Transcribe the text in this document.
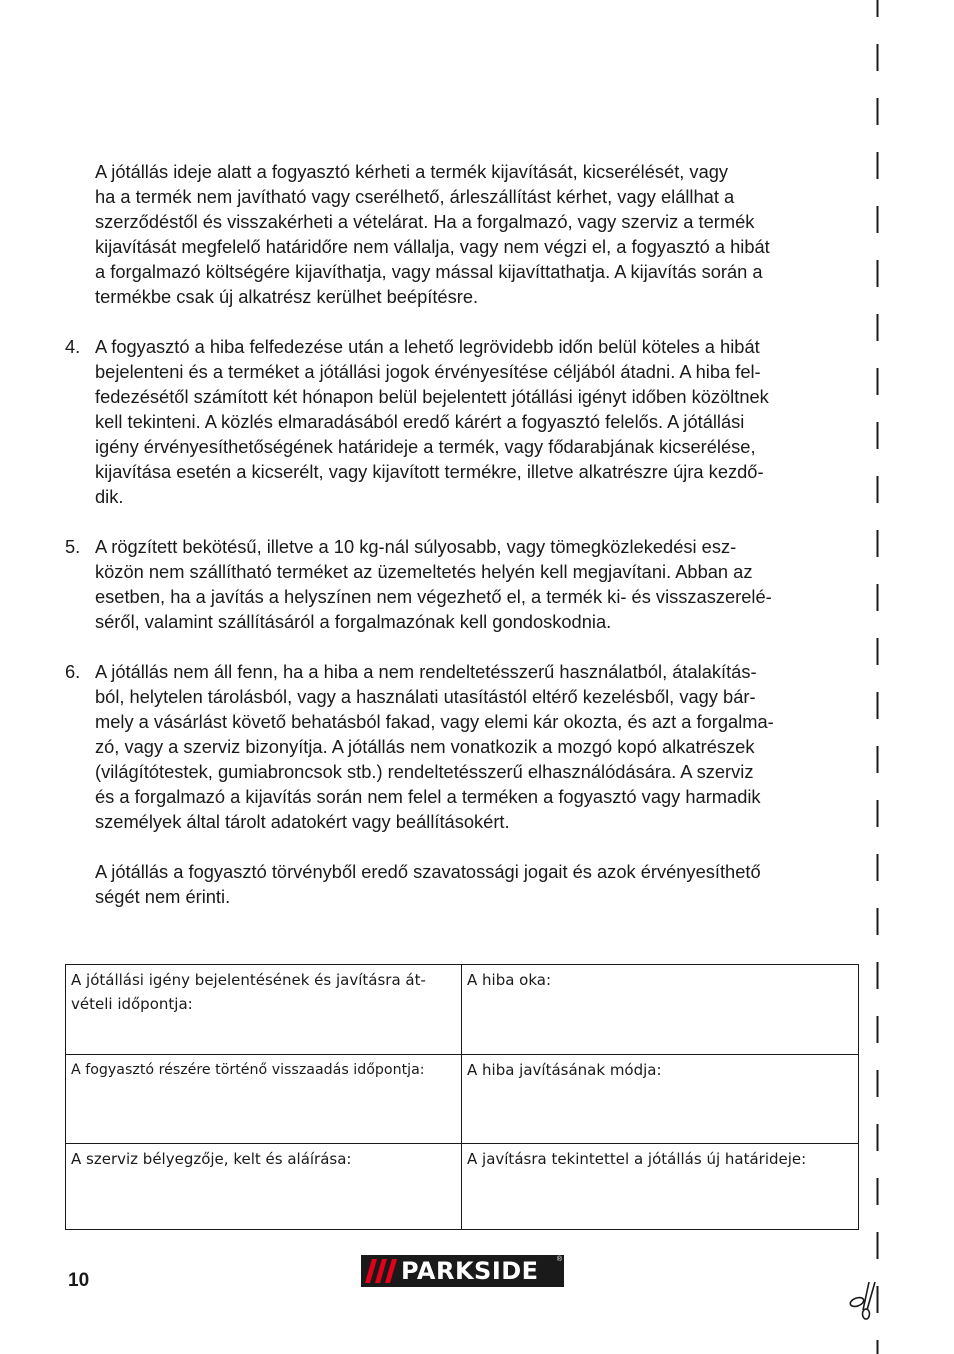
A jótállás ideje alatt a fogyasztó kérheti a termék kijavítását, kicserélését, vagy
ha a termék nem javítható vagy cserélhető, árleszállítást kérhet, vagy elállhat a
szerződéstől és visszakérheti a vételárat. Ha a forgalmazó, vagy szerviz a termék
kijavítását megfelelő határidőre nem vállalja, vagy nem végzi el, a fogyasztó a hibát
a forgalmazó költségére kijavíthatja, vagy mással kijavíttathatja. A kijavítás során a
termékbe csak új alkatrész kerülhet beépítésre.
4. A fogyasztó a hiba felfedezése után a lehető legrövidebb időn belül köteles a hibát
bejelenteni és a terméket a jótállási jogok érvényesítése céljából átadni. A hiba fel-
fedezésétől számított két hónapon belül bejelentett jótállási igényt időben közöltnek
kell tekinteni. A közlés elmaradásából eredő kárért a fogyasztó felelős. A jótállási
igény érvényesíthetőségének határideje a termék, vagy fődarabjának kicserélése,
kijavítása esetén a kicserélt, vagy kijavított termékre, illetve alkatrészre újra kezdő-
dik.
5. A rögzített bekötésű, illetve a 10 kg-nál súlyosabb, vagy tömegközlekedési esz-
közön nem szállítható terméket az üzemeltetés helyén kell megjavítani. Abban az
esetben, ha a javítás a helyszínen nem végezhető el, a termék ki- és visszaszerelé-
séről, valamint szállításáról a forgalmazónak kell gondoskodnia.
6. A jótállás nem áll fenn, ha a hiba a nem rendeltetésszerű használatból, átalakítás-
ból, helytelen tárolásból, vagy a használati utasítástól eltérő kezelésből, vagy bár-
mely a vásárlást követő behatásból fakad, vagy elemi kár okozta, és azt a forgalma-
zó, vagy a szerviz bizonyítja. A jótállás nem vonatkozik a mozgó kopó alkatrészek
(világítótestek, gumiabroncsok stb.) rendeltetésszerű elhasználódására. A szerviz
és a forgalmazó a kijavítás során nem felel a terméken a fogyasztó vagy harmadik
személyek által tárolt adatokért vagy beállításokért.
A jótállás a fogyasztó törvényből eredő szavatossági jogait és azok érvényesíthető
ségét nem érinti.
A jótállási igény bejelentésének és javításra át-
vételi időpontja:	A hiba oka:

A fogyasztó részére történő visszaadás időpontja:	A hiba javításának módja:

A szerviz bélyegzője, kelt és aláírása:	A javításra tekintettel a jótállás új határideje:
10	PARKSIDE	®
